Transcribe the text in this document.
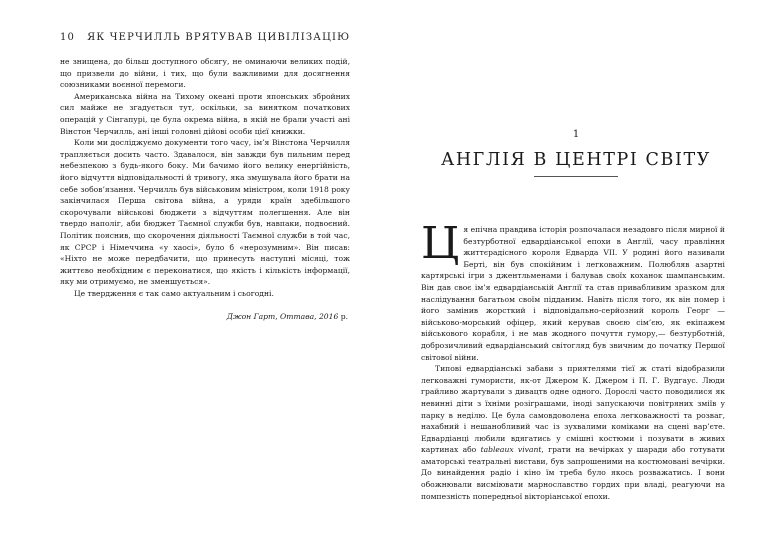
10 ЯК ЧЕРЧИЛЛЬ ВРЯТУВАВ ЦИВІЛІЗАЦІЮ

не знищена, до більш доступного обсягу, не оминаючи великих подій, що призвели до війни, і тих, що були важливими для досягнення союзниками воєнної перемоги.

Американська війна на Тихому океані проти японських збройних сил майже не згадується тут, оскільки, за винятком початкових операцій у Сінгапурі, це була окрема війна, в якій не брали участі ані Вінстон Черчилль, ані інші головні дійові особи цієї книжки.

Коли ми досліджуємо документи того часу, ім’я Вінстона Черчилля трапляється досить часто. Здавалося, він завжди був пильним перед небезпекою з будь-якого боку. Ми бачимо його велику енергійність, його відчуття відповідальності й тривогу, яка змушувала його брати на себе зобов’язання. Черчилль був військовим міністром, коли 1918 року закінчилася Перша світова війна, а уряди країн здебільшого скорочували військові бюджети з відчуттям полегшення. Але він твердо наполіг, аби бюджет Таємної служби був, навпаки, подвоєний. Політик пояснив, що скорочення діяльності Таємної служби в той час, як СРСР і Німеччина «у хаосі», було б «нерозумним». Він писав: «Ніхто не може передбачити, що принесуть наступні місяці, тож життєво необхідним є переконатися, що якість і кількість інформації, яку ми отримуємо, не зменшується».

Це твердження є так само актуальним і сьогодні.

Джон Гарт, Оттава, 2016 р.
1
АНГЛІЯ В ЦЕНТРІ СВІТУ

Ця епічна правдива історія розпочалася незадовго після мирної й безтурботної едвардіанської епохи в Англії, часу правління життєрадісного короля Едварда VII. У родині його називали Берті, він був спокійним і легковажним. Полюбляв азартні картярські ігри з джентльменами і балував своїх коханок шампанським. Він дав своє ім’я едвардіанській Англії та став привабливим зразком для наслідування багатьом своїм підданим. Навіть після того, як він помер і його замінив жорсткий і відповідально-серйозний король Георг — військово-морський офіцер, який керував своєю сім’єю, як екіпажем військового корабля, і не мав жодного почуття гумору,— безтурботній, доброзичливий едвардіанський світогляд був звичним до початку Першої світової війни.

Типові едвардіанські забави з приятелями тієї ж статі відобразили легковажні гумористи, як-от Джером К. Джером і П. Г. Вудгаус. Люди грайливо жартували з дивацтв одне одного. Дорослі часто поводилися як невинні діти з їхніми розіграшами, іноді запускаючи повітряних зміїв у парку в неділю. Це була самовдоволена епоха легковажності та розваг, нахабний і нешанобливий час із зухвалими комiками на сцені вар’єте. Едвардіанці любили вдягатись у смішні костюми і позувати в живих картинах або tableaux vivant, грати на вечірках у шаради або готувати аматорські театральні вистави, був запрошеними на костюмовані вечірки. До винайдення радіо і кіно їм треба було якось розважатись. І вони обожнювали висміювати марнославство гордих при владі, реагуючи на помпезність попередньої вікторіанської епохи.
